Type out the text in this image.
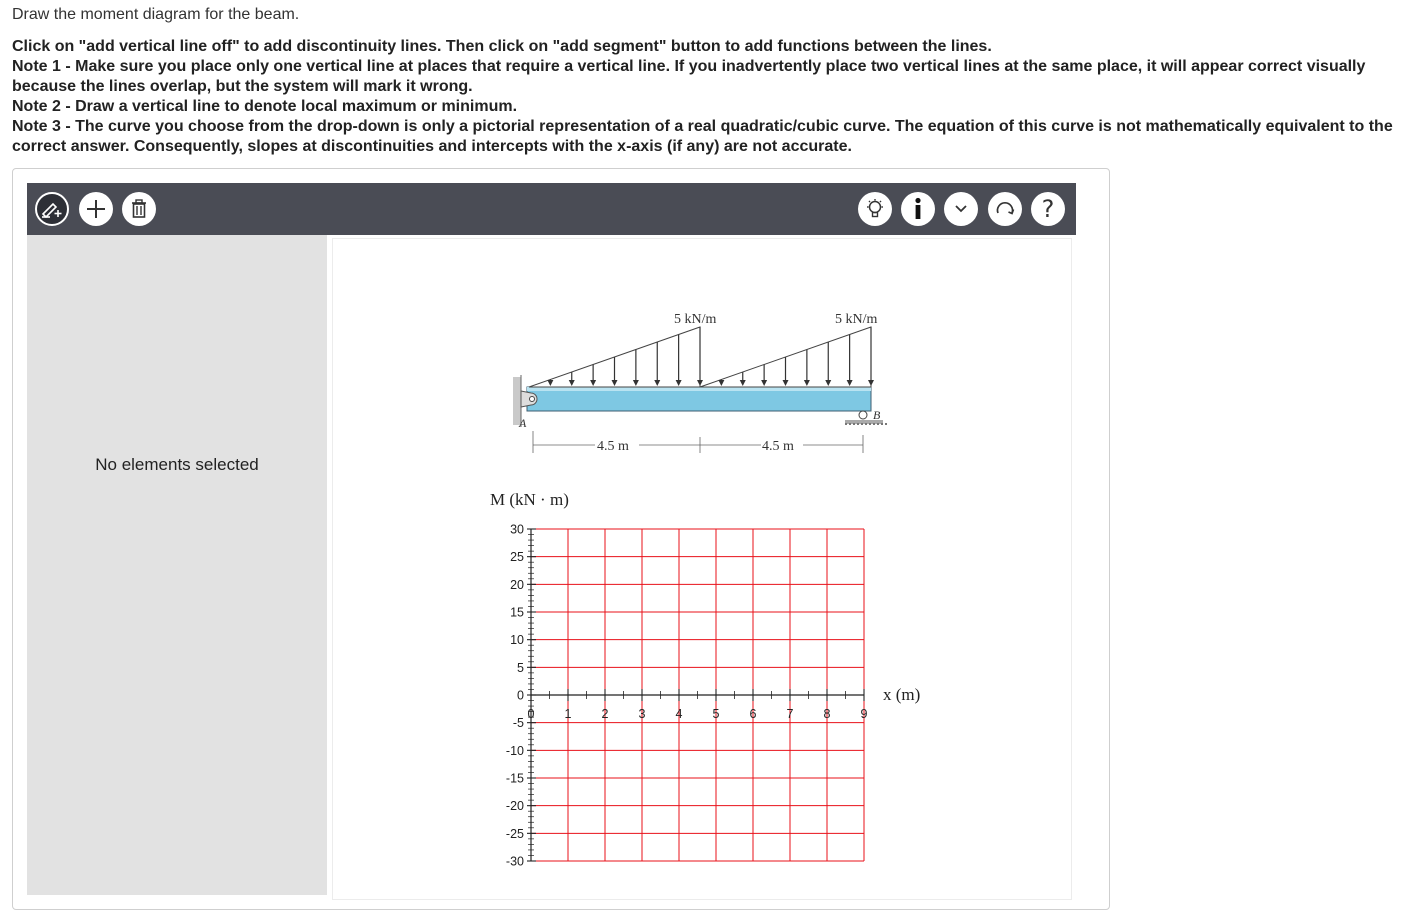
Draw the moment diagram for the beam.

Click on "add vertical line off" to add discontinuity lines. Then click on "add segment" button to add functions between the lines.

Note 1 - Make sure you place only one vertical line at places that require a vertical line. If you inadvertently place two vertical lines at the same place, it will appear correct visually because the lines overlap, but the system will mark it wrong.

Note 2 - Draw a vertical line to denote local maximum or minimum.

Note 3 - The curve you choose from the drop-down is only a pictorial representation of a real quadratic/cubic curve. The equation of this curve is not mathematically equivalent to the correct answer. Consequently, slopes at discontinuities and intercepts with the x-axis (if any) are not accurate.

?
No elements selected
5 kN/m	5 kN/m
A
B
4.5 m	4.5 m
M (kN · m)
x (m)
30
25
20
15
10
5
0
-5
-10
-15
-20
-25
-30
0 1 2 3 4 5 6 7 8 9
